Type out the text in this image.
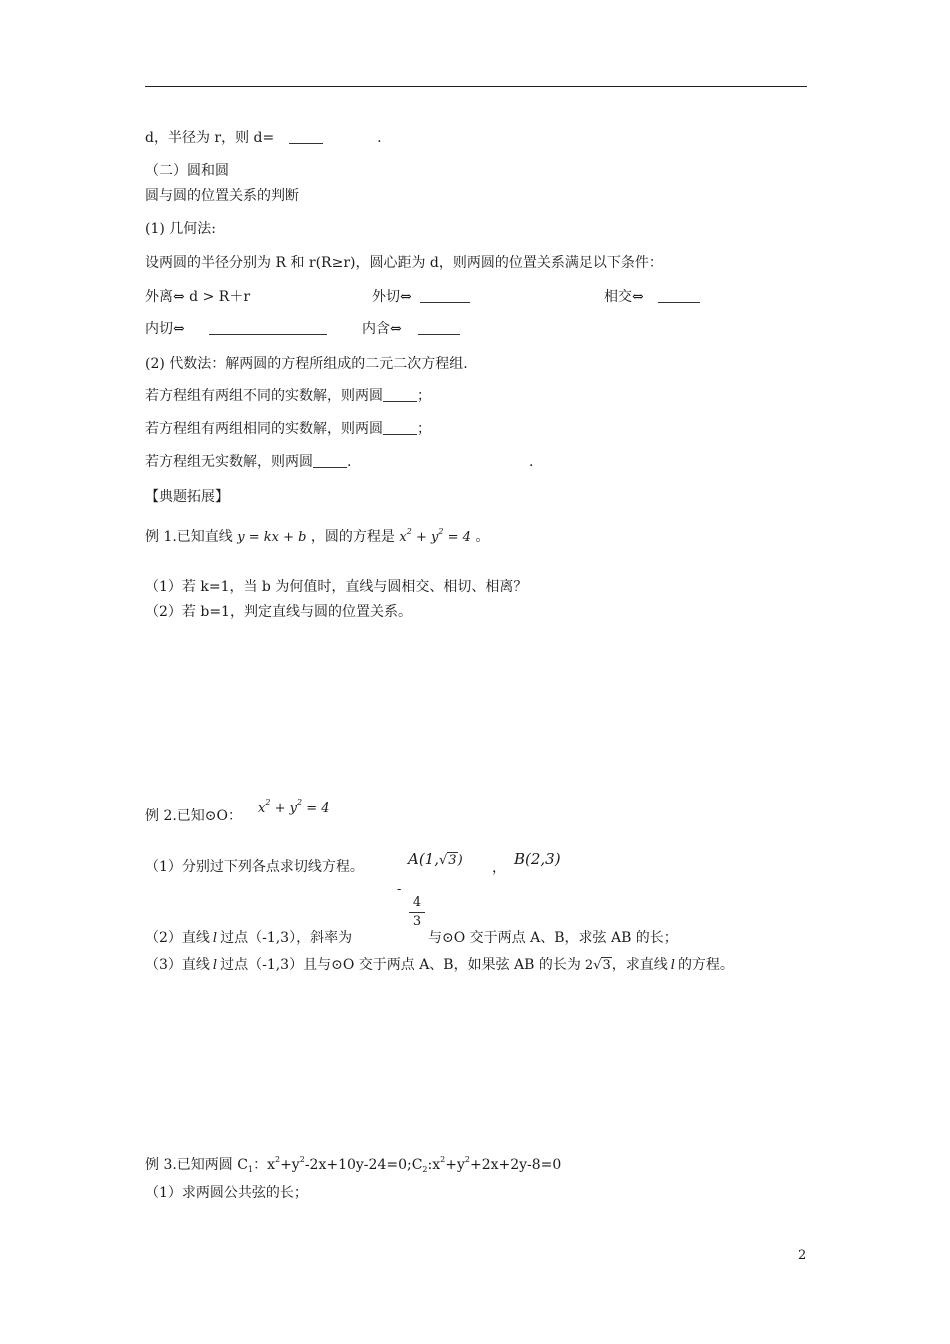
d，半径为 r，则 d=	.
（二）圆和圆
圆与圆的位置关系的判断
(1) 几何法:
设两圆的半径分别为 R 和 r(R≥r)，圆心距为 d，则两圆的位置关系满足以下条件：
外离⇔ d > R＋r	外切⇔	相交⇔
内切⇔	内含⇔
(2) 代数法：解两圆的方程所组成的二元二次方程组.
若方程组有两组不同的实数解，则两圆 ；
若方程组有两组相同的实数解，则两圆 ；
若方程组无实数解，则两圆 .	.
【典题拓展】
例 1.已知直线 y = kx + b ，圆的方程是 $x^2 + y^2 = 4$ 。
（1）若 k=1，当 b 为何值时，直线与圆相交、相切、相离？
（2）若 b=1，判定直线与圆的位置关系。
例 2.已知⊙O： $x^2 + y^2 = 4$
（1）分别过下列各点求切线方程。	A(1,√3) ， B(2,3)
（2）直线 l 过点（-1,3），斜率为
-
$\frac{4}{3}$
与⊙O 交于两点 A、B，求弦 AB 的长；
（3）直线 l 过点（-1,3）且与⊙O 交于两点 A、B，如果弦 AB 的长为 2√3，求直线 l 的方程。
例 3.已知两圆 $C_1$：$x^2+y^2-2x+10y-24=0;C_2:x^2+y^2+2x+2y-8=0$
（1）求两圆公共弦的长；
2
